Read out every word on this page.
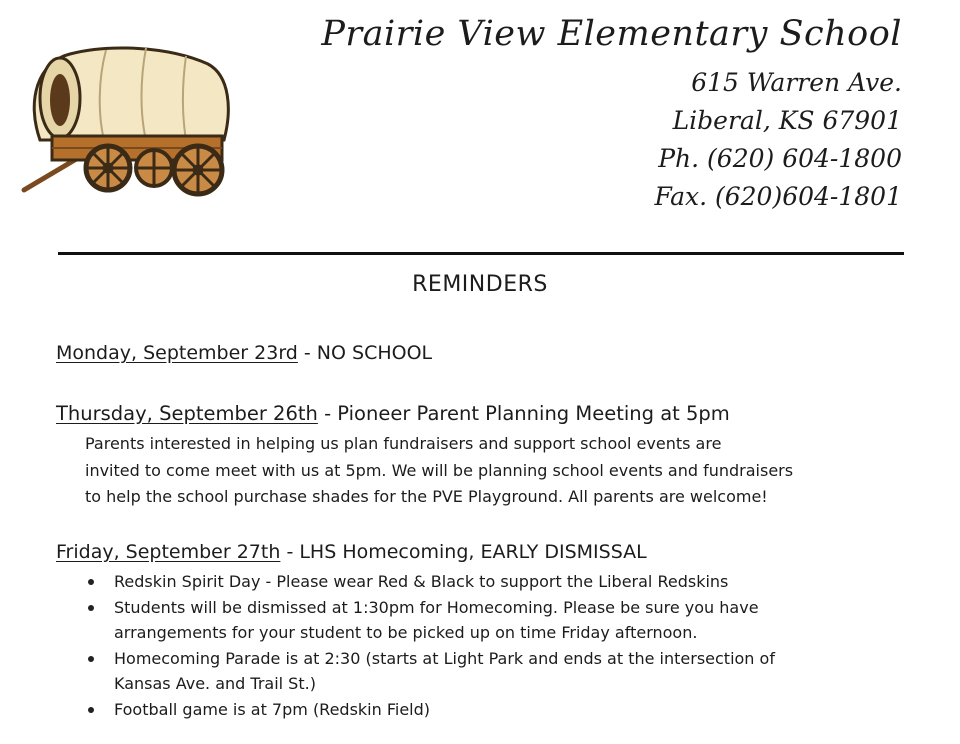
Prairie View Elementary School
615 Warren Ave.
Liberal, KS 67901
Ph. (620) 604-1800
Fax. (620)604-1801
REMINDERS
Monday, September 23rd - NO SCHOOL
Thursday, September 26th - Pioneer Parent Planning Meeting at 5pm
Parents interested in helping us plan fundraisers and support school events are
invited to come meet with us at 5pm. We will be planning school events and fundraisers
to help the school purchase shades for the PVE Playground. All parents are welcome!
Friday, September 27th - LHS Homecoming, EARLY DISMISSAL
Redskin Spirit Day - Please wear Red & Black to support the Liberal Redskins
Students will be dismissed at 1:30pm for Homecoming. Please be sure you have
arrangements for your student to be picked up on time Friday afternoon.
Homecoming Parade is at 2:30 (starts at Light Park and ends at the intersection of
Kansas Ave. and Trail St.)
Football game is at 7pm (Redskin Field)
